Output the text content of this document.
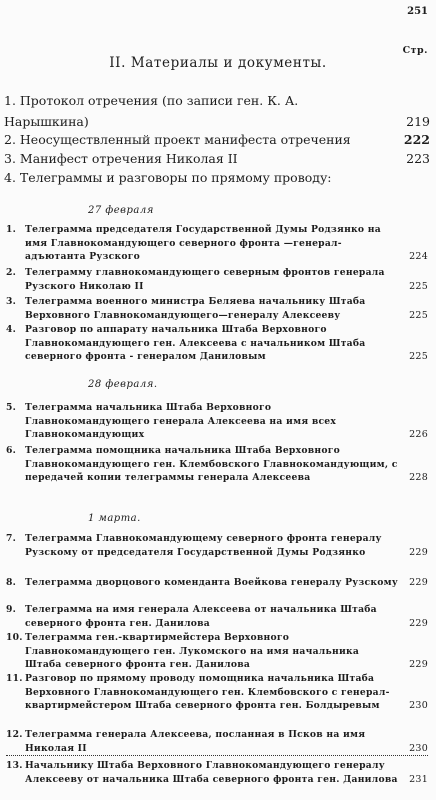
251
Стр.
II. Материалы и документы.
1. Протокол отречения (по записи ген. К. А. Нарышкина)	219
2. Неосуществленный проект манифеста отречения	222
3. Манифест отречения Николая II	223
4. Телеграммы и разговоры по прямому проводу:
27 февраля
1. Телеграмма председателя Государственной Думы Родзянко на имя Главнокомандующего северного фронта —генерал-адъютанта Рузского	224
2. Телеграмму главнокомандующего северным фронтов генерала Рузского Николаю II	225
3. Телеграмма военного министра Беляева начальнику Штаба Верховного Главнокомандующего—генералу Алексееву	225
4. Разговор по аппарату начальника Штаба Верховного Главнокомандующего ген. Алексеева с начальником Штаба северного фронта - генералом Даниловым	225
28 февраля.
5. Телеграмма начальника Штаба Верховного Главнокомандующего генерала Алексеева на имя всех Главнокомандующих	226
6. Телеграмма помощника начальника Штаба Верховного Главнокомандующего ген. Клембовского Главнокомандующим, с передачей копии телеграммы генерала Алексеева	228
1 марта.
7. Телеграмма Главнокомандующему северного фронта генералу Рузскому от председателя Государственной Думы Родзянко	229
8. Телеграмма дворцового коменданта Воейкова генералу Рузскому	229
9. Телеграмма на имя генерала Алексеева от начальника Штаба северного фронта ген. Данилова	229
10. Телеграмма ген.-квартирмейстера Верховного Главнокомандующего ген. Лукомского на имя начальника Штаба северного фронта ген. Данилова	229
11. Разговор по прямому проводу помощника начальника Штаба Верховного Главнокомандующего ген. Клембовского с генерал-квартирмейстером Штаба северного фронта ген. Болдыревым	230
12. Телеграмма генерала Алексеева, посланная в Псков на имя Николая II	230
13. Начальнику Штаба Верховного Главнокомандующего генералу Алексееву от начальника Штаба северного фронта ген. Данилова	231
